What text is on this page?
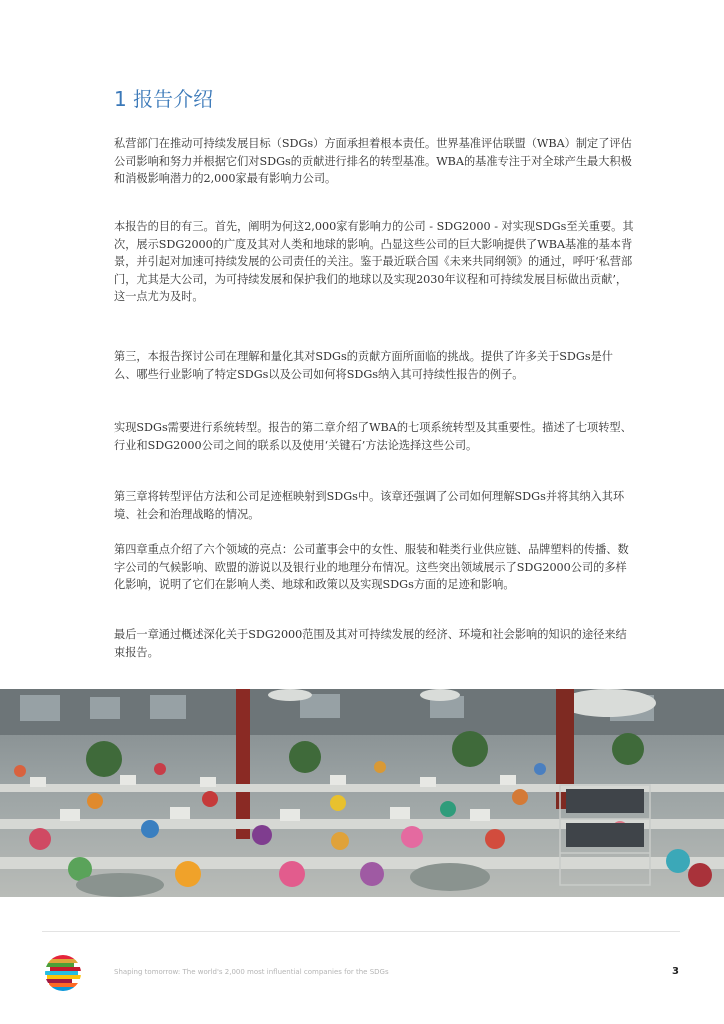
1 报告介绍

私营部门在推动可持续发展目标（SDGs）方面承担着根本责任。世界基准评估联盟（WBA）制定了评估公司影响和努力并根据它们对SDGs的贡献进行排名的转型基准。WBA的基准专注于对全球产生最大积极和消极影响潜力的2,000家最有影响力公司。

本报告的目的有三。首先，阐明为何这2,000家有影响力的公司 - SDG2000 - 对实现SDGs至关重要。其次，展示SDG2000的广度及其对人类和地球的影响。凸显这些公司的巨大影响提供了WBA基准的基本背景，并引起对加速可持续发展的公司责任的关注。鉴于最近联合国《未来共同纲领》的通过，呼吁‘私营部门，尤其是大公司，为可持续发展和保护我们的地球以及实现2030年议程和可持续发展目标做出贡献’，这一点尤为及时。

第三，本报告探讨公司在理解和量化其对SDGs的贡献方面所面临的挑战。提供了许多关于SDGs是什么、哪些行业影响了特定SDGs以及公司如何将SDGs纳入其可持续性报告的例子。

实现SDGs需要进行系统转型。报告的第二章介绍了WBA的七项系统转型及其重要性。描述了七项转型、行业和SDG2000公司之间的联系以及使用‘关键石’方法论选择这些公司。

第三章将转型评估方法和公司足迹框映射到SDGs中。该章还强调了公司如何理解SDGs并将其纳入其环境、社会和治理战略的情况。

第四章重点介绍了六个领域的亮点：公司董事会中的女性、服装和鞋类行业供应链、品牌塑料的传播、数字公司的气候影响、欧盟的游说以及银行业的地理分布情况。这些突出领域展示了SDG2000公司的多样化影响，说明了它们在影响人类、地球和政策以及实现SDGs方面的足迹和影响。

最后一章通过概述深化关于SDG2000范围及其对可持续发展的经济、环境和社会影响的知识的途径来结束报告。

Shaping tomorrow: The world's 2,000 most influential companies for the SDGs	3
